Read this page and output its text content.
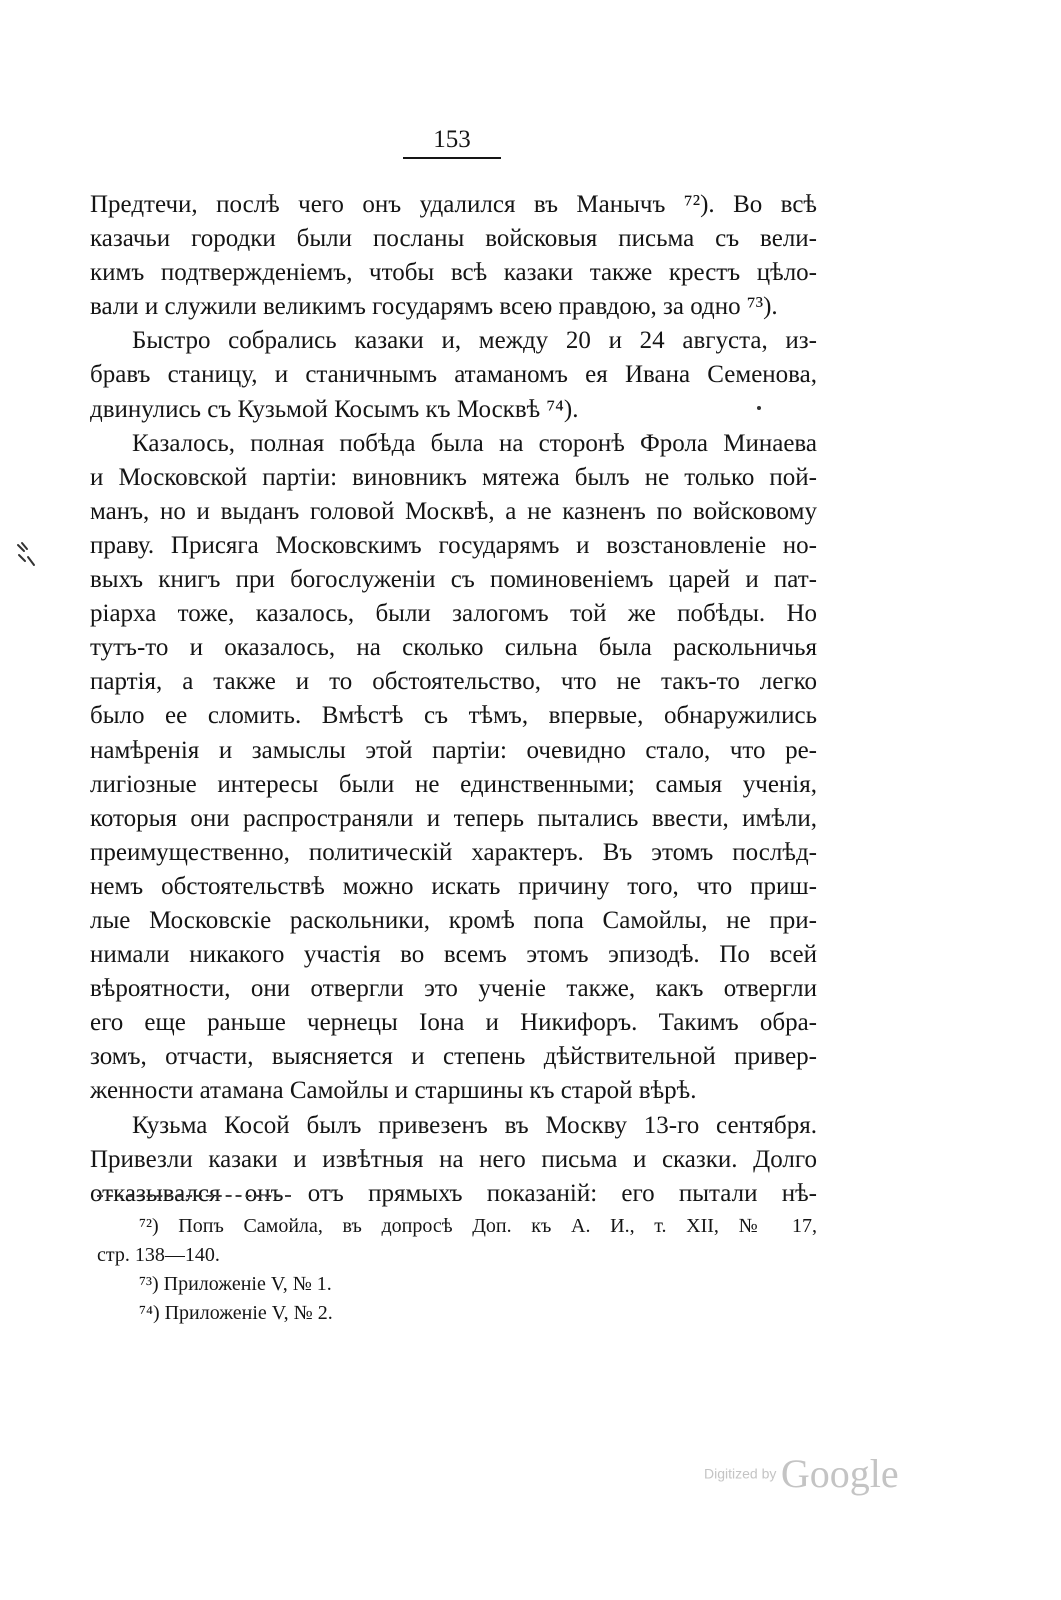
153
Предтечи, послѣ чего онъ удалился въ Манычъ ⁷²). Во всѣ
казачьи городки были посланы войсковыя письма съ вели-
кимъ подтвержденіемъ, чтобы всѣ казаки также крестъ цѣло-
вали и служили великимъ государямъ всею правдою, за одно ⁷³).
Быстро собрались казаки и, между 20 и 24 августа, из-
бравъ станицу, и станичнымъ атаманомъ ея Ивана Семенова,
двинулись съ Кузьмой Косымъ къ Москвѣ ⁷⁴).
Казалось, полная побѣда была на сторонѣ Фрола Минаева
и Московской партіи: виновникъ мятежа былъ не только пой-
манъ, но и выданъ головой Москвѣ, а не казненъ по войсковому
праву. Присяга Московскимъ государямъ и возстановленіе но-
выхъ книгъ при богослуженіи съ поминовеніемъ царей и пат-
ріарха тоже, казалось, были залогомъ той же побѣды. Но
тутъ-то и оказалось, на сколько сильна была раскольничья
партія, а также и то обстоятельство, что не такъ-то легко
было ее сломить. Вмѣстѣ съ тѣмъ, впервые, обнаружились
намѣренія и замыслы этой партіи: очевидно стало, что ре-
лигіозные интересы были не единственными; самыя ученія,
которыя они распространяли и теперь пытались ввести, имѣли,
преимущественно, политическій характеръ. Въ этомъ послѣд-
немъ обстоятельствѣ можно искать причину того, что приш-
лые Московскіе раскольники, кромѣ попа Самойлы, не при-
нимали никакого участія во всемъ этомъ эпизодѣ. По всей
вѣроятности, они отвергли это ученіе также, какъ отвергли
его еще раньше чернецы Іона и Никифоръ. Такимъ обра-
зомъ, отчасти, выясняется и степень дѣйствительной привер-
женности атамана Самойлы и старшины къ старой вѣрѣ.
Кузьма Косой былъ привезенъ въ Москву 13-го сентября.
Привезли казаки и извѣтныя на него письма и сказки. Долго
отказывался онъ отъ прямыхъ показаній: его пытали нѣ-
⁷²) Попъ Самойла, въ допросѣ Доп. къ А. И., т. XII, № 17,
стр. 138—140.
⁷³) Приложеніе V, № 1.
⁷⁴) Приложеніе V, № 2.
Digitized by Google
